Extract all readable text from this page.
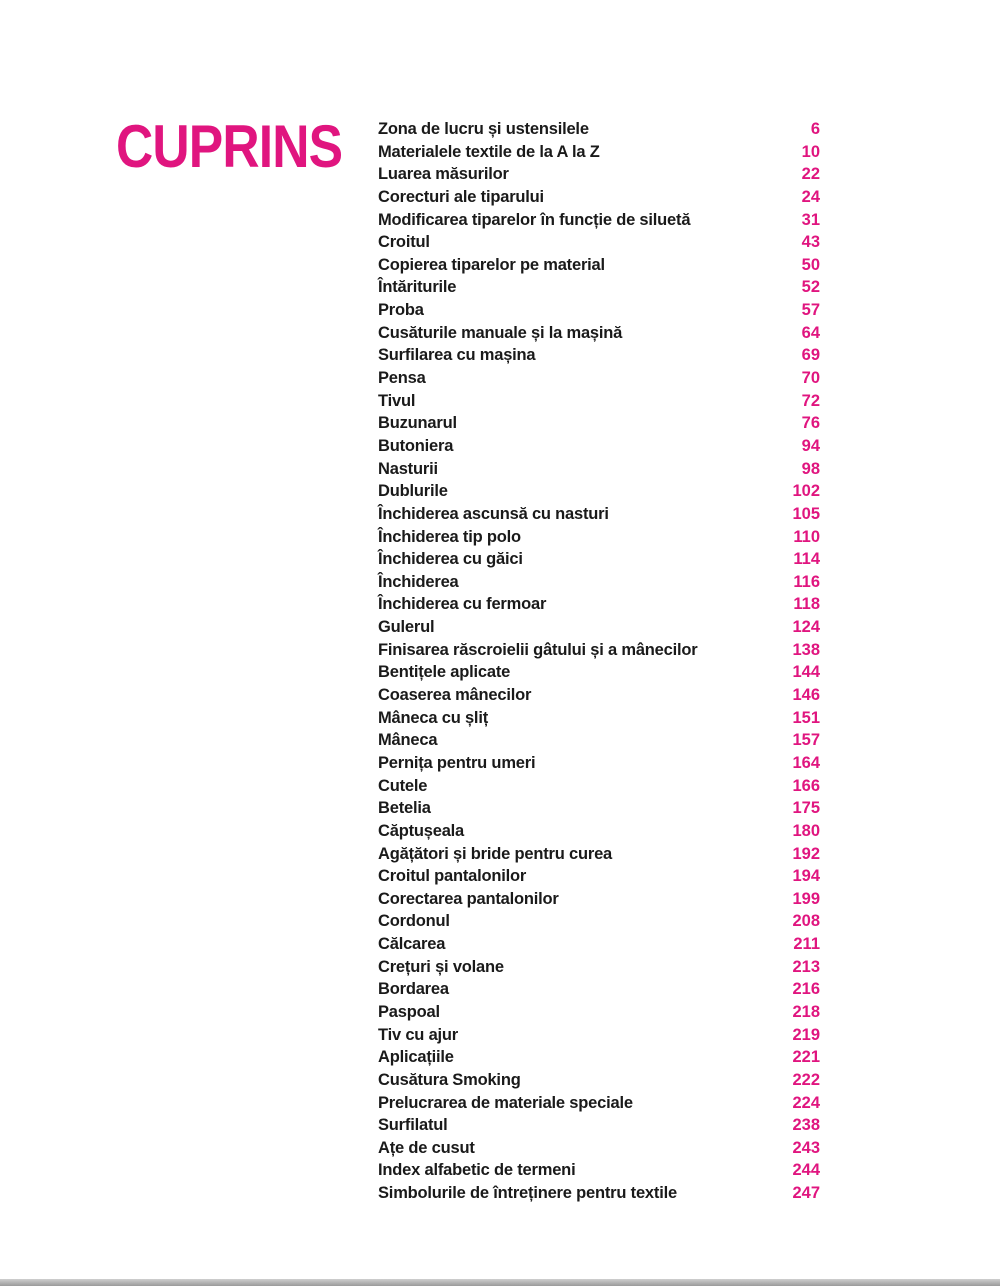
CUPRINS Zona de lucru și ustensilele	6
Materialele textile de la A la Z	10
Luarea măsurilor	22
Corecturi ale tiparului	24
Modificarea tiparelor în funcție de siluetă	31
Croitul	43
Copierea tiparelor pe material	50
Întăriturile	52
Proba	57
Cusăturile manuale și la mașină	64
Surfilarea cu mașina	69
Pensa	70
Tivul	72
Buzunarul	76
Butoniera	94
Nasturii	98
Dublurile	102
Închiderea ascunsă cu nasturi	105
Închiderea tip polo	110
Închiderea cu găici	114
Închiderea	116
Închiderea cu fermoar	118
Gulerul	124
Finisarea răscroielii gâtului și a mânecilor	138
Bentițele aplicate	144
Coaserea mânecilor	146
Mâneca cu șliț	151
Mâneca	157
Pernița pentru umeri	164
Cutele	166
Betelia	175
Căptușeala	180
Agățători și bride pentru curea	192
Croitul pantalonilor	194
Corectarea pantalonilor	199
Cordonul	208
Călcarea	211
Crețuri și volane	213
Bordarea	216
Paspoal	218
Tiv cu ajur	219
Aplicațiile	221
Cusătura Smoking	222
Prelucrarea de materiale speciale	224
Surfilatul	238
Ațe de cusut	243
Index alfabetic de termeni	244
Simbolurile de întreținere pentru textile	247
